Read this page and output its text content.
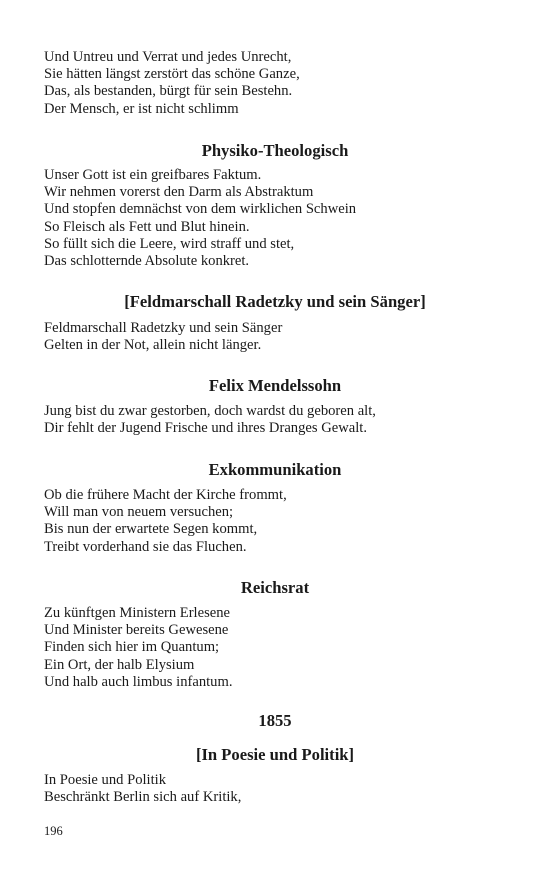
Und Untreu und Verrat und jedes Unrecht,
Sie hätten längst zerstört das schöne Ganze,
Das, als bestanden, bürgt für sein Bestehn.
Der Mensch, er ist nicht schlimm
Physiko-Theologisch
Unser Gott ist ein greifbares Faktum.
Wir nehmen vorerst den Darm als Abstraktum
Und stopfen demnächst von dem wirklichen Schwein
So Fleisch als Fett und Blut hinein.
So füllt sich die Leere, wird straff und stet,
Das schlotternde Absolute konkret.
[Feldmarschall Radetzky und sein Sänger]
Feldmarschall Radetzky und sein Sänger
Gelten in der Not, allein nicht länger.
Felix Mendelssohn
Jung bist du zwar gestorben, doch wardst du geboren alt,
Dir fehlt der Jugend Frische und ihres Dranges Gewalt.
Exkommunikation
Ob die frühere Macht der Kirche frommt,
Will man von neuem versuchen;
Bis nun der erwartete Segen kommt,
Treibt vorderhand sie das Fluchen.
Reichsrat
Zu künftgen Ministern Erlesene
Und Minister bereits Gewesene
Finden sich hier im Quantum;
Ein Ort, der halb Elysium
Und halb auch limbus infantum.
1855
[In Poesie und Politik]
In Poesie und Politik
Beschränkt Berlin sich auf Kritik,
196
